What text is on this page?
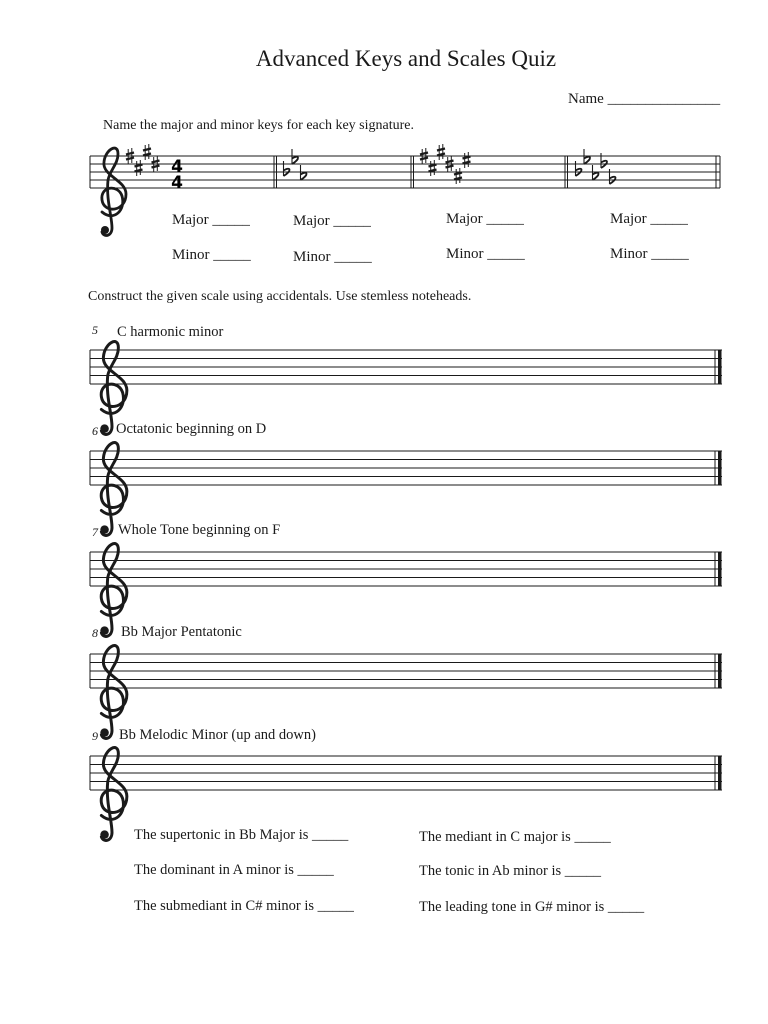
Advanced Keys and Scales Quiz
Name _______________
Name the major and minor keys for each key signature.
4
4
Major _____
Minor _____
Major _____
Minor _____
Major _____
Minor _____
Major _____
Minor _____
Construct the given scale using accidentals. Use stemless noteheads.
5 C harmonic minor
6 Octatonic beginning on D
7 Whole Tone beginning on F
8 Bb Major Pentatonic
9 Bb Melodic Minor (up and down)
The supertonic in Bb Major is _____
The dominant in A minor is _____
The submediant in C# minor is _____
The mediant in C major is _____
The tonic in Ab minor is _____
The leading tone in G# minor is _____
